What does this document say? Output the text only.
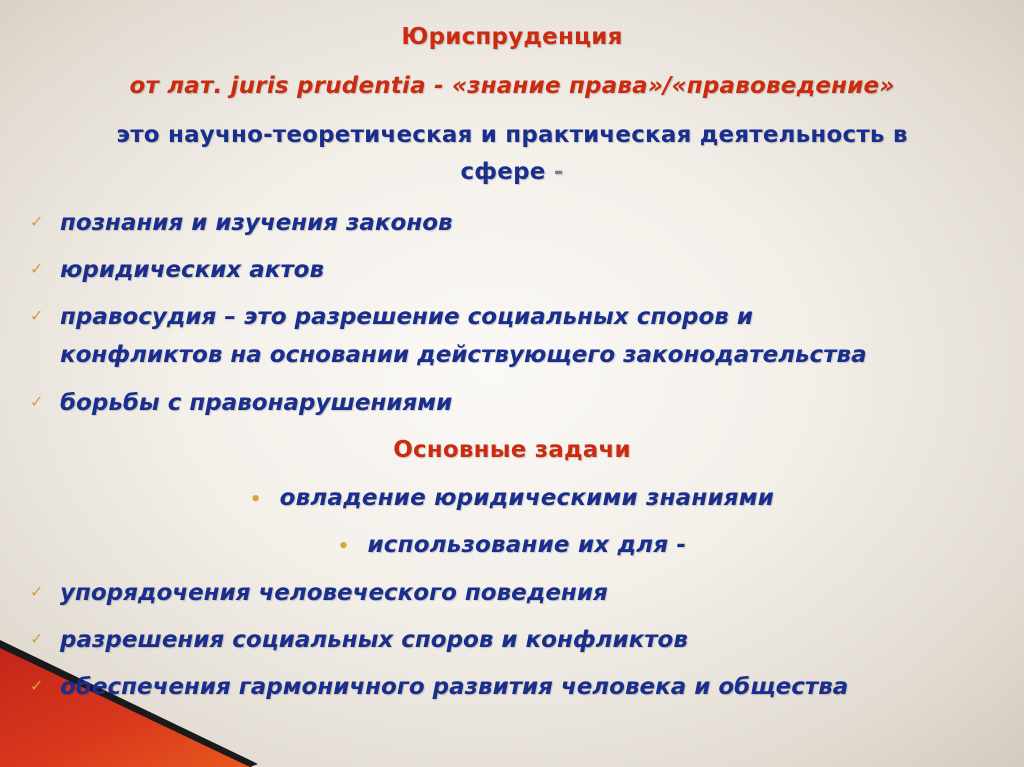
Юриспруденция
от лат. juris prudentia - «знание права»/«правоведение»
это научно-теоретическая и практическая деятельность в
сфере -
✓ познания и изучения законов
✓ юридических актов
✓ правосудия – это разрешение социальных споров и
конфликтов на основании действующего законодательства
✓ борьбы с правонарушениями
Основные задачи
• овладение юридическими знаниями
• использование их для -
✓ упорядочения человеческого поведения
✓ разрешения социальных споров и конфликтов
✓ обеспечения гармоничного развития человека и общества
